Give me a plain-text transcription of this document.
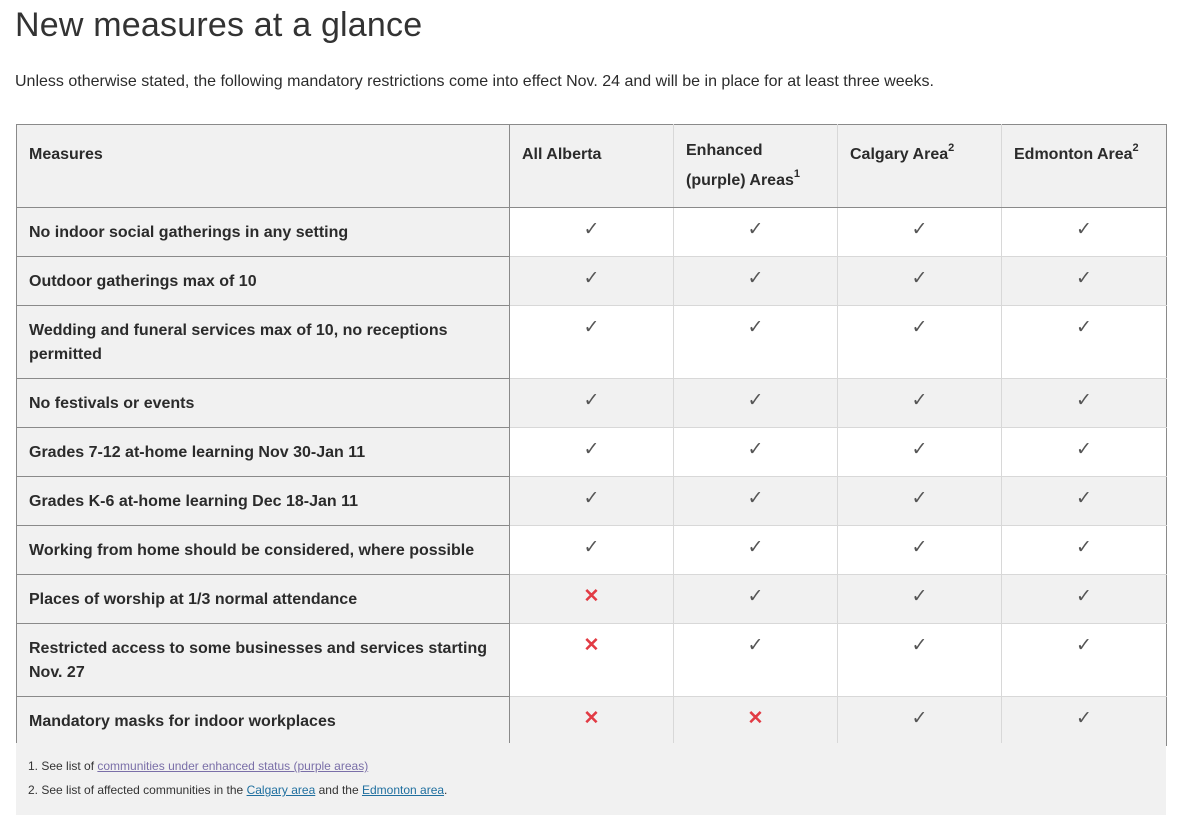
New measures at a glance

Unless otherwise stated, the following mandatory restrictions come into effect Nov. 24 and will be in place for at least three weeks.

Measures	All Alberta	Enhanced (purple) Areas$^1$	Calgary Area$^2$	Edmonton Area$^2$
No indoor social gatherings in any setting	✓	✓	✓	✓
Outdoor gatherings max of 10	✓	✓	✓	✓
Wedding and funeral services max of 10, no receptions permitted	✓	✓	✓	✓
No festivals or events	✓	✓	✓	✓
Grades 7-12 at-home learning Nov 30-Jan 11	✓	✓	✓	✓
Grades K-6 at-home learning Dec 18-Jan 11	✓	✓	✓	✓
Working from home should be considered, where possible	✓	✓	✓	✓
Places of worship at 1/3 normal attendance	✕	✓	✓	✓
Restricted access to some businesses and services starting Nov. 27	✕	✓	✓	✓
Mandatory masks for indoor workplaces	✕	✕	✓	✓

1. See list of communities under enhanced status (purple areas)

2. See list of affected communities in the Calgary area and the Edmonton area.
